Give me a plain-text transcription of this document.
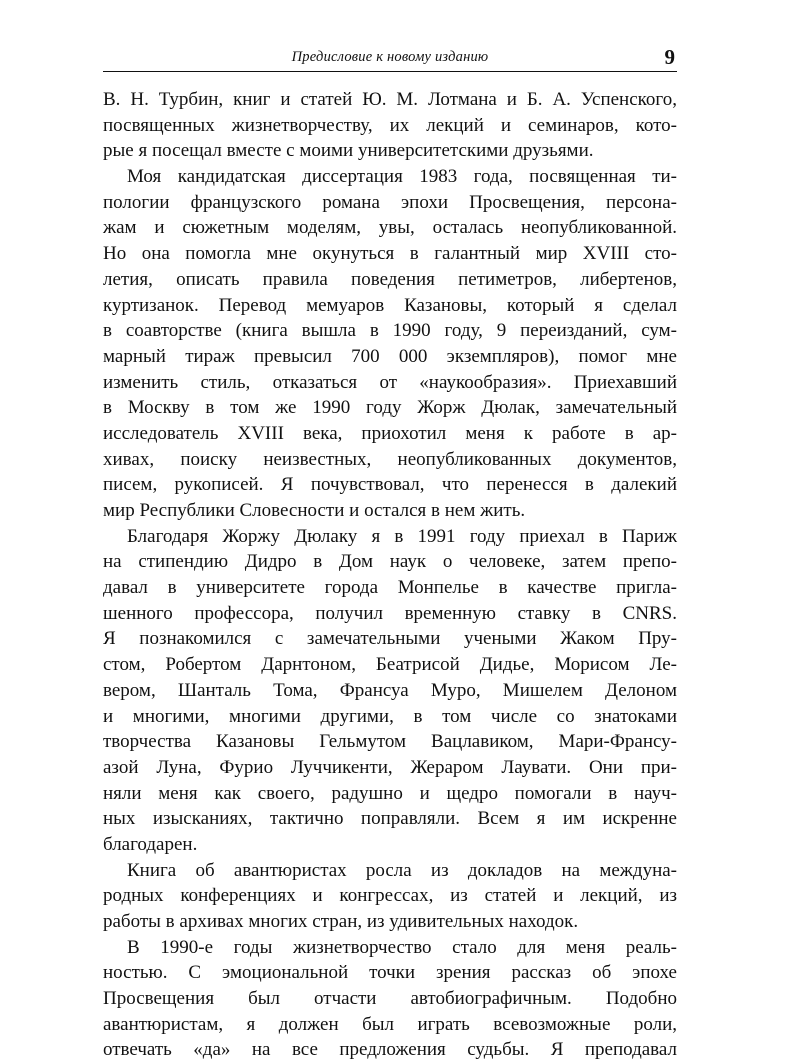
Предисловие к новому изданию	9
В. Н. Турбин, книг и статей Ю. М. Лотмана и Б. А. Успенского,
посвященных жизнетворчеству, их лекций и семинаров, кото-
рые я посещал вместе с моими университетскими друзьями.
Моя кандидатская диссертация 1983 года, посвященная ти-
пологии французского романа эпохи Просвещения, персона-
жам и сюжетным моделям, увы, осталась неопубликованной.
Но она помогла мне окунуться в галантный мир XVIII сто-
летия, описать правила поведения петиметров, либертенов,
куртизанок. Перевод мемуаров Казановы, который я сделал
в соавторстве (книга вышла в 1990 году, 9 переизданий, сум-
марный тираж превысил 700 000 экземпляров), помог мне
изменить стиль, отказаться от «наукообразия». Приехавший
в Москву в том же 1990 году Жорж Дюлак, замечательный
исследователь XVIII века, приохотил меня к работе в ар-
хивах, поиску неизвестных, неопубликованных документов,
писем, рукописей. Я почувствовал, что перенесся в далекий
мир Республики Словесности и остался в нем жить.
Благодаря Жоржу Дюлаку я в 1991 году приехал в Париж
на стипендию Дидро в Дом наук о человеке, затем препо-
давал в университете города Монпелье в качестве пригла-
шенного профессора, получил временную ставку в CNRS.
Я познакомился с замечательными учеными Жаком Пру-
стом, Робертом Дарнтоном, Беатрисой Дидье, Морисом Ле-
вером, Шанталь Тома, Франсуа Муро, Мишелем Делоном
и многими, многими другими, в том числе со знатоками
творчества Казановы Гельмутом Вацлавиком, Мари-Франсу-
азой Луна, Фурио Луччикенти, Жераром Лаувати. Они при-
няли меня как своего, радушно и щедро помогали в науч-
ных изысканиях, тактично поправляли. Всем я им искренне
благодарен.
Книга об авантюристах росла из докладов на междуна-
родных конференциях и конгрессах, из статей и лекций, из
работы в архивах многих стран, из удивительных находок.
В 1990-е годы жизнетворчество стало для меня реаль-
ностью. С эмоциональной точки зрения рассказ об эпохе
Просвещения был отчасти автобиографичным. Подобно
авантюристам, я должен был играть всевозможные роли,
отвечать «да» на все предложения судьбы. Я преподавал
